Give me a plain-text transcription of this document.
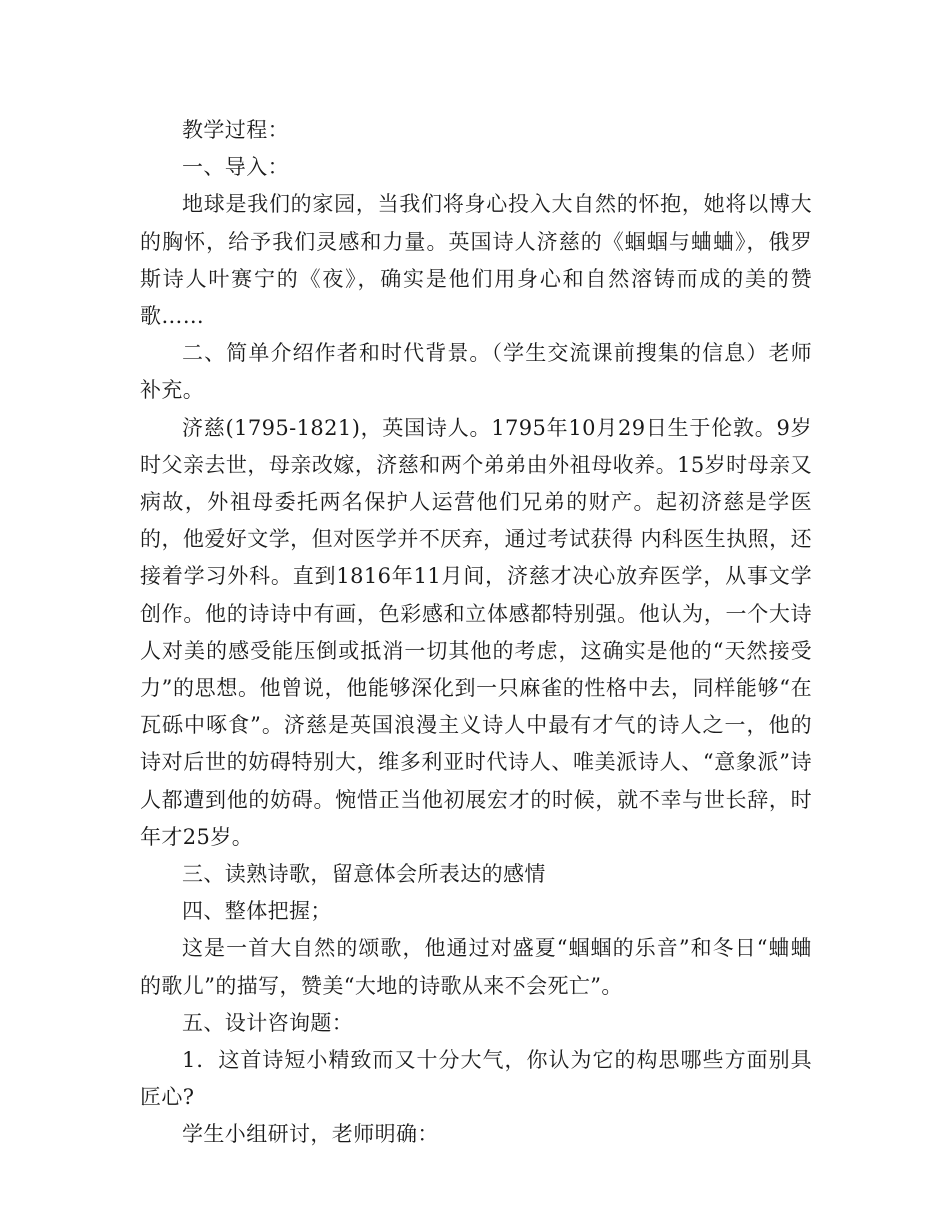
教学过程：

一、导入：

地球是我们的家园，当我们将身心投入大自然的怀抱，她将以博大的胸怀，给予我们灵感和力量。英国诗人济慈的《蝈蝈与蛐蛐》，俄罗斯诗人叶赛宁的《夜》，确实是他们用身心和自然溶铸而成的美的赞歌……

二、简单介绍作者和时代背景。（学生交流课前搜集的信息）老师补充。

济慈(1795-1821)，英国诗人。1795年10月29日生于伦敦。9岁时父亲去世，母亲改嫁，济慈和两个弟弟由外祖母收养。15岁时母亲又病故，外祖母委托两名保护人运营他们兄弟的财产。起初济慈是学医的，他爱好文学，但对医学并不厌弃，通过考试获得 内科医生执照，还接着学习外科。直到1816年11月间，济慈才决心放弃医学，从事文学创作。他的诗诗中有画，色彩感和立体感都特别强。他认为，一个大诗人对美的感受能压倒或抵消一切其他的考虑，这确实是他的“天然接受力”的思想。他曾说，他能够深化到一只麻雀的性格中去，同样能够“在瓦砾中啄食”。济慈是英国浪漫主义诗人中最有才气的诗人之一，他的诗对后世的妨碍特别大，维多利亚时代诗人、唯美派诗人、“意象派”诗人都遭到他的妨碍。惋惜正当他初展宏才的时候，就不幸与世长辞，时年才25岁。

三、读熟诗歌，留意体会所表达的感情

四、整体把握；

这是一首大自然的颂歌，他通过对盛夏“蝈蝈的乐音”和冬日“蛐蛐的歌儿”的描写，赞美“大地的诗歌从来不会死亡”。

五、设计咨询题：

1．这首诗短小精致而又十分大气，你认为它的构思哪些方面别具匠心?

学生小组研讨，老师明确：
